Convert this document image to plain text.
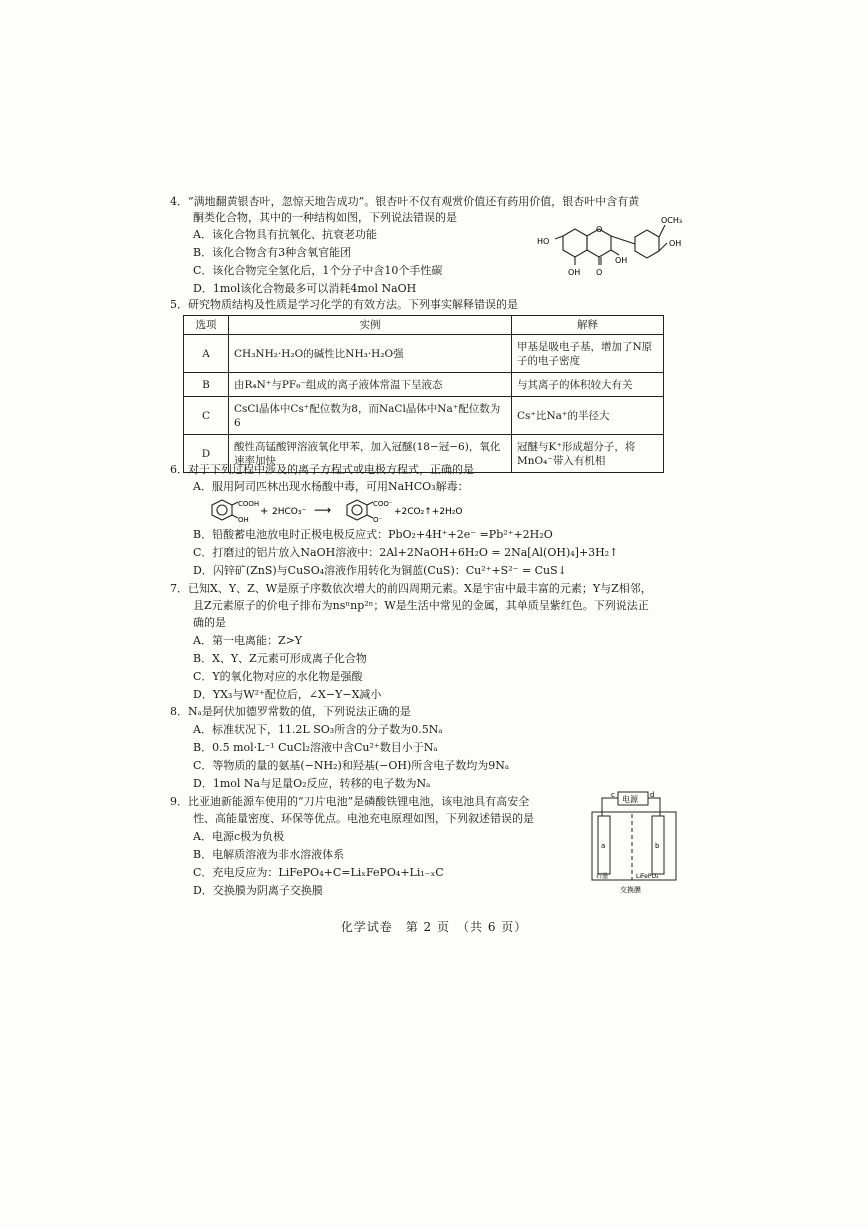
4．“满地翻黄银杏叶，忽惊天地告成功”。银杏叶不仅有观赏价值还有药用价值，银杏叶中含有黄
酮类化合物，其中的一种结构如图，下列说法错误的是
A．该化合物具有抗氧化、抗衰老功能
B．该化合物含有3种含氧官能团
C．该化合物完全氢化后，1个分子中含10个手性碳
D．1mol该化合物最多可以消耗4mol NaOH
HO
O
O
OH
OH
OCH₃
OH
5．研究物质结构及性质是学习化学的有效方法。下列事实解释错误的是
选项	实例	解释
A	CH₃NH₂·H₂O的碱性比NH₃·H₂O强	甲基是吸电子基，增加了N原子的电子密度
B	由R₄N⁺与PF₆⁻组成的离子液体常温下呈液态	与其离子的体积较大有关
C	CsCl晶体中Cs⁺配位数为8，而NaCl晶体中Na⁺配位数为6	Cs⁺比Na⁺的半径大
D	酸性高锰酸钾溶液氧化甲苯，加入冠醚(18−冠−6)，氧化速率加快	冠醚与K⁺形成超分子，将MnO₄⁻带入有机相
6．对于下列过程中涉及的离子方程式或电极方程式，正确的是
A．服用阿司匹林出现水杨酸中毒，可用NaHCO₃解毒：
COOH
OH
+ 2HCO₃⁻ ⟶	COO⁻
O⁻
+2CO₂↑+2H₂O
B．铅酸蓄电池放电时正极电极反应式：PbO₂+4H⁺+2e⁻ =Pb²⁺+2H₂O
C．打磨过的铝片放入NaOH溶液中：2Al+2NaOH+6H₂O = 2Na[Al(OH)₄]+3H₂↑
D．闪锌矿(ZnS)与CuSO₄溶液作用转化为铜蓝(CuS)：Cu²⁺+S²⁻ = CuS↓
7．已知X、Y、Z、W是原子序数依次增大的前四周期元素。X是宇宙中最丰富的元素；Y与Z相邻，
且Z元素原子的价电子排布为nsⁿnp²ⁿ；W是生活中常见的金属，其单质呈紫红色。下列说法正
确的是
A．第一电离能：Z>Y
B．X、Y、Z元素可形成离子化合物
C．Y的氧化物对应的水化物是强酸
D．YX₃与W²⁺配位后，∠X−Y−X减小
8．Nₐ是阿伏加德罗常数的值，下列说法正确的是
A．标准状况下，11.2L SO₃所含的分子数为0.5Nₐ
B．0.5 mol·L⁻¹ CuCl₂溶液中含Cu²⁺数目小于Nₐ
C．等物质的量的氨基(−NH₂)和羟基(−OH)所含电子数均为9Nₐ
D．1mol Na与足量O₂反应，转移的电子数为Nₐ
9．比亚迪新能源车使用的“刀片电池”是磷酸铁锂电池，该电池具有高安全
性、高能量密度、环保等优点。电池充电原理如图，下列叙述错误的是
A．电源c极为负极
B．电解质溶液为非水溶液体系
C．充电反应为：LiFePO₄+C=LiₓFePO₄+Li₁₋ₓC
D．交换膜为阴离子交换膜
电源
c	d
a	b
石墨	LiFePO₄
交换膜
化学试卷　第 2 页　（共 6 页）
